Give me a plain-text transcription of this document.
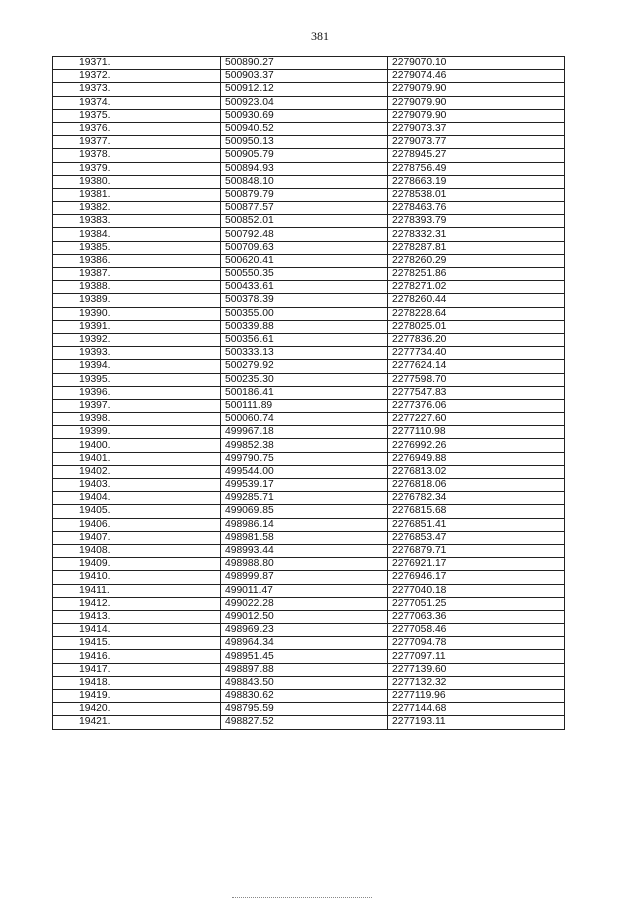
381
19371.	500890.27	2279070.10
19372.	500903.37	2279074.46
19373.	500912.12	2279079.90
19374.	500923.04	2279079.90
19375.	500930.69	2279079.90
19376.	500940.52	2279073.37
19377.	500950.13	2279073.77
19378.	500905.79	2278945.27
19379.	500894.93	2278756.49
19380.	500848.10	2278663.19
19381.	500879.79	2278538.01
19382.	500877.57	2278463.76
19383.	500852.01	2278393.79
19384.	500792.48	2278332.31
19385.	500709.63	2278287.81
19386.	500620.41	2278260.29
19387.	500550.35	2278251.86
19388.	500433.61	2278271.02
19389.	500378.39	2278260.44
19390.	500355.00	2278228.64
19391.	500339.88	2278025.01
19392.	500356.61	2277836.20
19393.	500333.13	2277734.40
19394.	500279.92	2277624.14
19395.	500235.30	2277598.70
19396.	500186.41	2277547.83
19397.	500111.89	2277376.06
19398.	500060.74	2277227.60
19399.	499967.18	2277110.98
19400.	499852.38	2276992.26
19401.	499790.75	2276949.88
19402.	499544.00	2276813.02
19403.	499539.17	2276818.06
19404.	499285.71	2276782.34
19405.	499069.85	2276815.68
19406.	498986.14	2276851.41
19407.	498981.58	2276853.47
19408.	498993.44	2276879.71
19409.	498988.80	2276921.17
19410.	498999.87	2276946.17
19411.	499011.47	2277040.18
19412.	499022.28	2277051.25
19413.	499012.50	2277063.36
19414.	498969.23	2277058.46
19415.	498964.34	2277094.78
19416.	498951.45	2277097.11
19417.	498897.88	2277139.60
19418.	498843.50	2277132.32
19419.	498830.62	2277119.96
19420.	498795.59	2277144.68
19421.	498827.52	2277193.11
